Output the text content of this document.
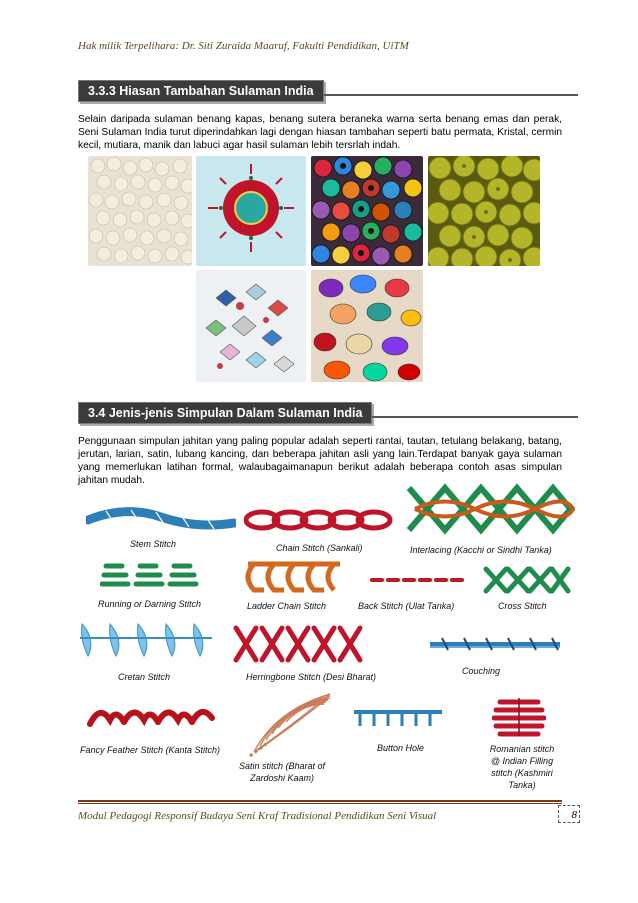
Hak milik Terpelihara: Dr. Siti Zuraida Maaruf, Fakulti Pendidikan, UiTM
3.3.3 Hiasan Tambahan Sulaman India
Selain daripada sulaman benang kapas, benang sutera beraneka warna serta benang emas dan perak, Seni Sulaman India turut diperindahkan lagi dengan hiasan tambahan seperti batu permata, Kristal, cermin kecil, mutiara, manik dan labuci agar hasil sulaman lebih tersrlah indah.
3.4 Jenis-jenis Simpulan Dalam Sulaman India
Penggunaan simpulan jahitan yang paling popular adalah seperti rantai, tautan, tetulang belakang, batang, jerutan, larian, satin, lubang kancing, dan beberapa jahitan asli yang lain.Terdapat banyak gaya sulaman yang memerlukan latihan formal, walaubagaimanapun berikut adalah beberapa contoh asas simpulan jahitan mudah.
Stem Stitch	Chain Stitch (Sankali)	Interlacing (Kacchi or Sindhi Tanka)
Running or Darning Stitch	Ladder Chain Stitch	Back Stitch (Ulat Tanka)	Cross Stitch
Cretan Stitch	Herringbone Stitch (Desi Bharat)
Couching
Fancy Feather Stitch (Kanta Stitch)
Satin stitch (Bharat of
Zardoshi Kaam)
Button Hole	Romanian stitch
@ Indian Filling
stitch (Kashmiri
Tanka)
Modul Pedagogi Responsif Budaya Seni Kraf Tradisional Pendidikan Seni Visual	8
